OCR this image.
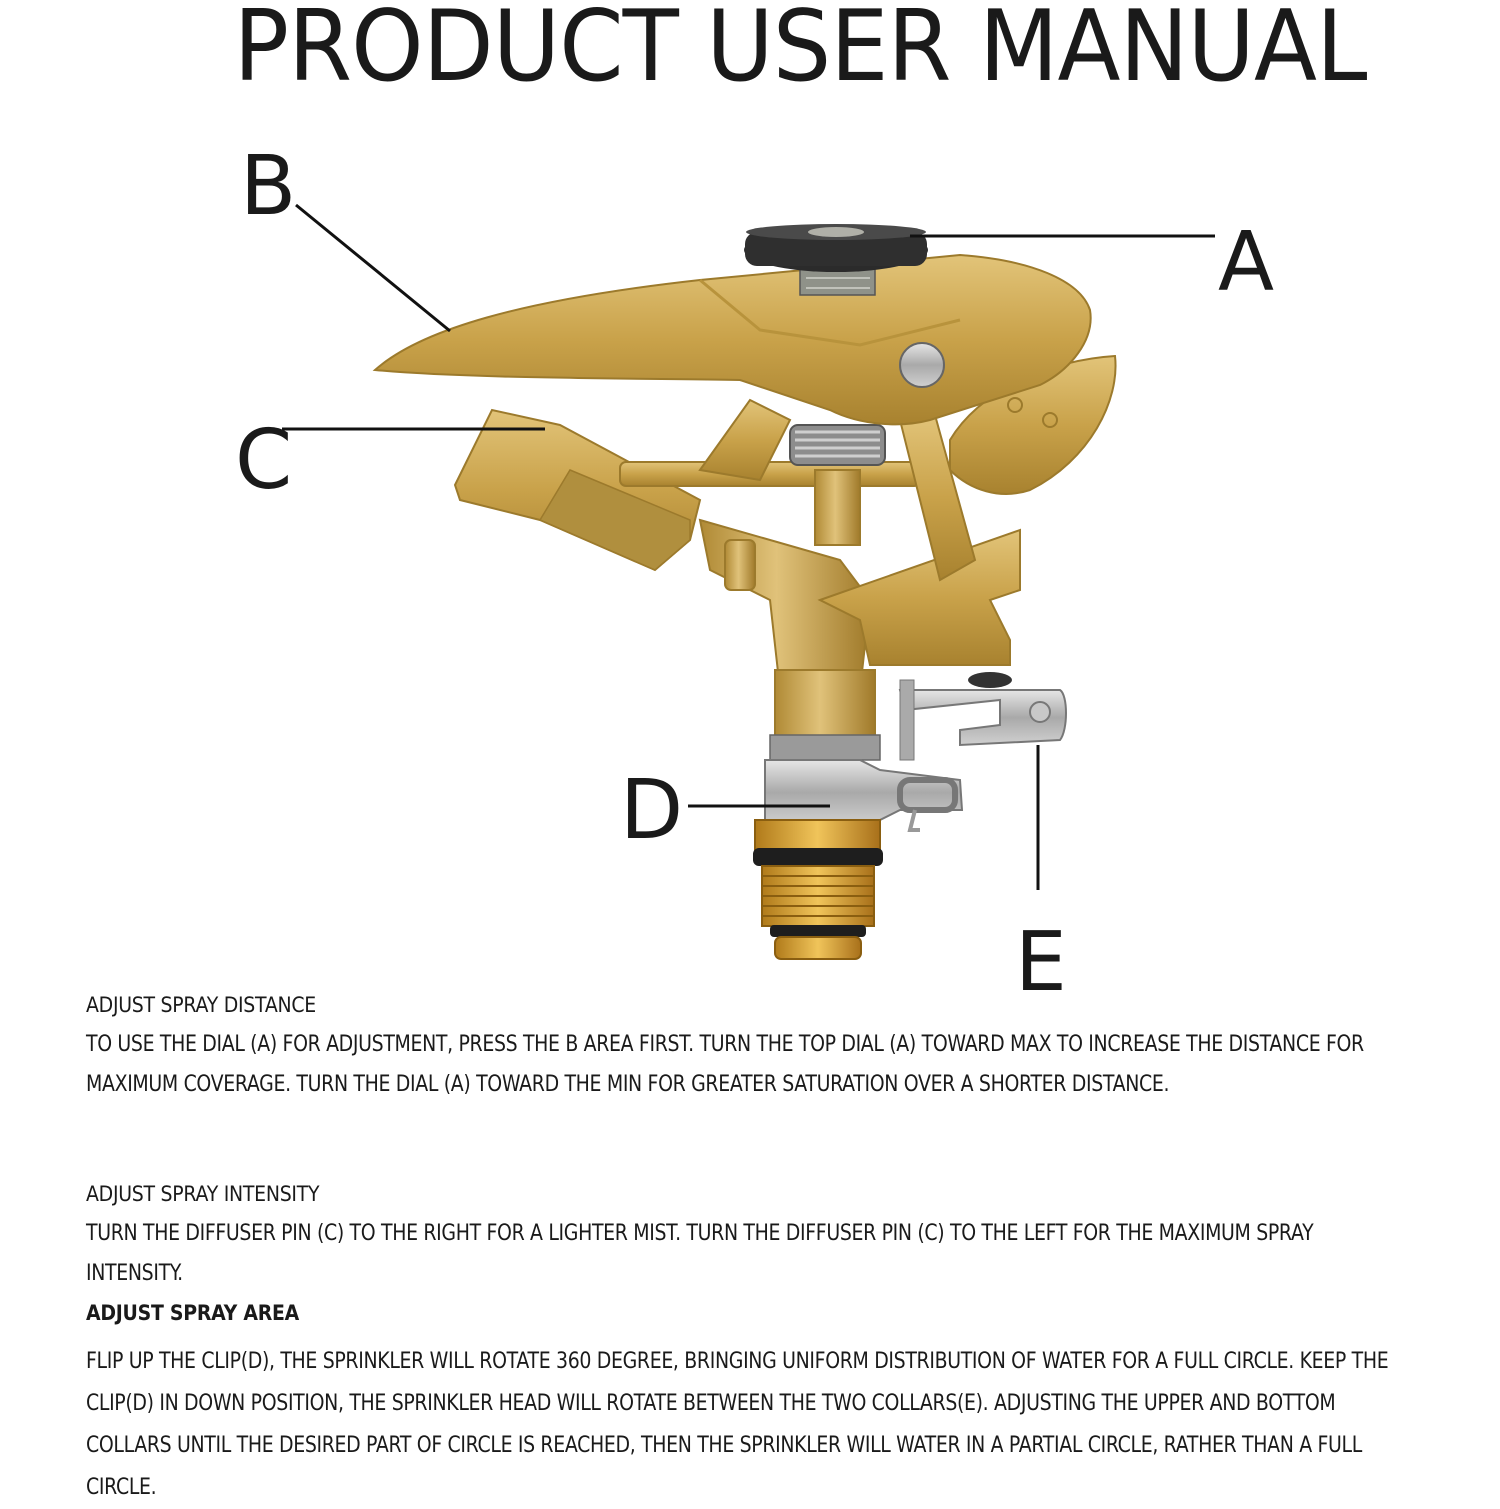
PRODUCT USER MANUAL
A
B
C
D
E
ADJUST SPRAY DISTANCE
TO USE THE DIAL (A) FOR ADJUSTMENT, PRESS THE B AREA FIRST. TURN THE TOP DIAL (A) TOWARD MAX TO INCREASE THE DISTANCE FOR MAXIMUM COVERAGE. TURN THE DIAL (A) TOWARD THE MIN FOR GREATER SATURATION OVER A SHORTER DISTANCE.
ADJUST SPRAY INTENSITY
TURN THE DIFFUSER PIN (C) TO THE RIGHT FOR A LIGHTER MIST. TURN THE DIFFUSER PIN (C) TO THE LEFT FOR THE MAXIMUM SPRAY INTENSITY.
ADJUST SPRAY AREA
FLIP UP THE CLIP(D), THE SPRINKLER WILL ROTATE 360 DEGREE, BRINGING UNIFORM DISTRIBUTION OF WATER FOR A FULL CIRCLE. KEEP THE CLIP(D) IN DOWN POSITION, THE SPRINKLER HEAD WILL ROTATE BETWEEN THE TWO COLLARS(E). ADJUSTING THE UPPER AND BOTTOM COLLARS UNTIL THE DESIRED PART OF CIRCLE IS REACHED, THEN THE SPRINKLER WILL WATER IN A PARTIAL CIRCLE, RATHER THAN A FULL CIRCLE.
